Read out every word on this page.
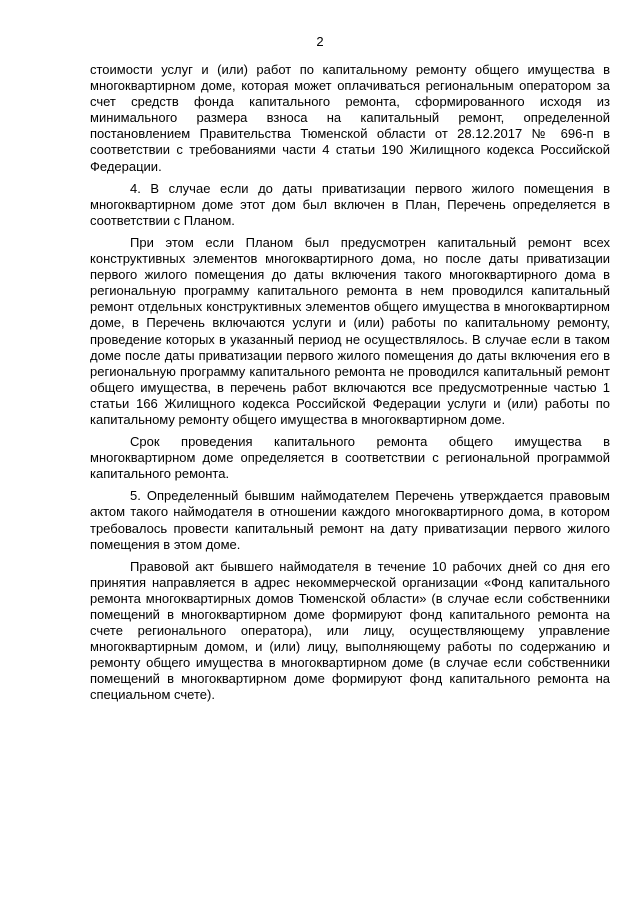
2

стоимости услуг и (или) работ по капитальному ремонту общего имущества в многоквартирном доме, которая может оплачиваться региональным оператором за счет средств фонда капитального ремонта, сформированного исходя из минимального размера взноса на капитальный ремонт, определенной постановлением Правительства Тюменской области от 28.12.2017 № 696-п в соответствии с требованиями части 4 статьи 190 Жилищного кодекса Российской Федерации.

4. В случае если до даты приватизации первого жилого помещения в многоквартирном доме этот дом был включен в План, Перечень определяется в соответствии с Планом.

При этом если Планом был предусмотрен капитальный ремонт всех конструктивных элементов многоквартирного дома, но после даты приватизации первого жилого помещения до даты включения такого многоквартирного дома в региональную программу капитального ремонта в нем проводился капитальный ремонт отдельных конструктивных элементов общего имущества в многоквартирном доме, в Перечень включаются услуги и (или) работы по капитальному ремонту, проведение которых в указанный период не осуществлялось. В случае если в таком доме после даты приватизации первого жилого помещения до даты включения его в региональную программу капитального ремонта не проводился капитальный ремонт общего имущества, в перечень работ включаются все предусмотренные частью 1 статьи 166 Жилищного кодекса Российской Федерации услуги и (или) работы по капитальному ремонту общего имущества в многоквартирном доме.

Срок проведения капитального ремонта общего имущества в многоквартирном доме определяется в соответствии с региональной программой капитального ремонта.

5. Определенный бывшим наймодателем Перечень утверждается правовым актом такого наймодателя в отношении каждого многоквартирного дома, в котором требовалось провести капитальный ремонт на дату приватизации первого жилого помещения в этом доме.

Правовой акт бывшего наймодателя в течение 10 рабочих дней со дня его принятия направляется в адрес некоммерческой организации «Фонд капитального ремонта многоквартирных домов Тюменской области» (в случае если собственники помещений в многоквартирном доме формируют фонд капитального ремонта на счете регионального оператора), или лицу, осуществляющему управление многоквартирным домом, и (или) лицу, выполняющему работы по содержанию и ремонту общего имущества в многоквартирном доме (в случае если собственники помещений в многоквартирном доме формируют фонд капитального ремонта на специальном счете).
